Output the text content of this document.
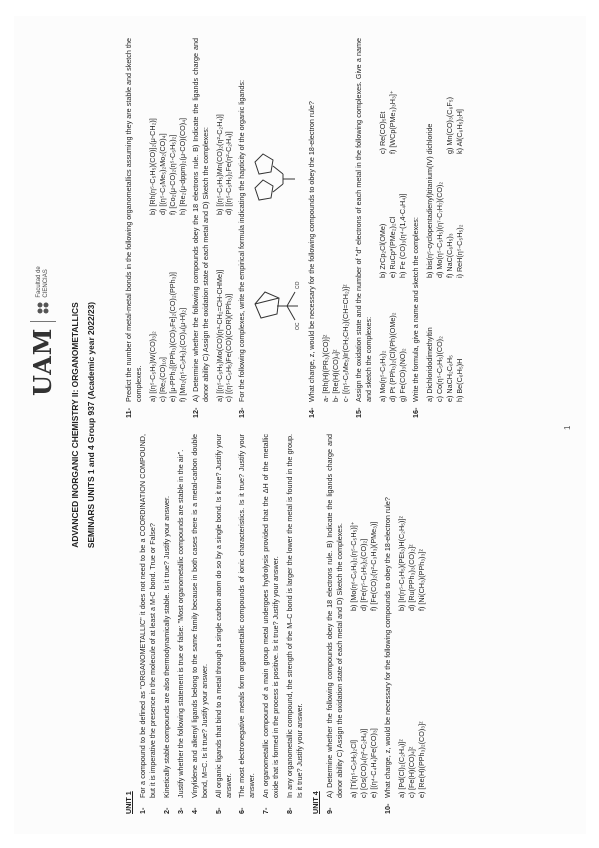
UAM
Facultad de
CIENCIAS
ADVANCED INORGANIC CHEMISTRY II: ORGANOMETALLICS SEMINARS UNITS 1 and 4 Group 937 (Academic year 2022/23)
UNIT 1 1-
For a compound to be defined as "ORGANOMETALLIC" it does not need to be a COORDINATION COMPOUND, but it is imperative the presence in the molecule of at least a M-C bond. True or False?
2-
Kinetically stable compounds are also thermodynamically stable. Is it true? Justify your answer.
3-
Justify whether the following statement is true or false: "Most organometallic compounds are stable in the air".
4-
Vinylidene and alkenyl ligands belong to the same family because in both cases there is a metal-carbon double bond, M=C. Is it true? Justify your answer.
5-
All organic ligands that bind to a metal through a single carbon atom do so by a single bond. Is it true? Justify your answer.
6-
The most electronegative metals form organometallic compounds of ionic characteristics. Is it true? Justify your answer.
7-
An organometallic compound of a main group metal undergoes hydrolysis provided that the ΔH of the metallic oxide that is formed in the process is positive. Is it true? Justify your answer.
8-
In any organometallic compound, the strength of the M–C bond is larger the lower the metal is found in the group. Is it true? Justify your answer.
UNIT 4 9-
A) Determine whether the following compounds obey the 18 electrons rule. B) Indicate the ligands charge and donor ability C) Assign the oxidation state of each metal and D) Sketch the complexes. a) [Ti(η⁵-C₅H₅)₂Cl]
b) [Mo(η⁶-C₆H₆)₂(η⁵-C₅H₅)]⁺
c) [Os(CO)₄(η²-C₂H₄)]
d) [Fe(η⁵-C₅H₅)₂(CO)₂]
e) [(η⁴-C₄H₄)Fe(CO)₃]
f) [Fe(CO)₂(η²-C₃H₃)(PMe₃)]
10-
What charge, z, would be necessary for the following compounds to obey the 18-electron rule? a) [Pd(Cl)₂(C₂H₄)]ᶻ
b) [Ir(η⁵-C₅H₅)(PEt₃)H(C₂H₅)]ᶻ
c) [Fe(H)(CO)₄]ᶻ
d) [Ru(PPh₃)₃(CO)₂]ᶻ
e) [Re(H)(PPh₃)₂(CO)₃]ᶻ
f) [Ni(CH₃)(PPh₃)₃]ᶻ
11-
Predict the number of metal-metal bonds in the following organometallics assuming they are stable and sketch the complexes. a) [(η⁵-C₅H₅)W(CO)₃]₂
b) [Rh(η⁵-C₅H₅)(CO)]₂(μ-CH₂)]
c) [Re₂(CO)₁₀]
d) [(η⁵-C₅Me₅)₂Mo₂(CO)₄]
e) [μ-PPh₂[(PPh₃)(CO)₃Fe]₂(CO)₂(PPh₃)]
f) [Co₂(μ-CO)₂(η⁵-C₅H₅)₂]
f) [Mn₂(η⁵-C₅H₅)₂(CO)₄(μ-H)₂]
h) [Re₂(μ-dppm)₂(μ-CO)(CO)₄]
12-
A) Determine whether the following compounds obey the 18 electrons rule. B) Indicate the ligands charge and donor ability C) Assign the oxidation state of each metal and D) Sketch the complexes: a) [(η⁵-C₅H₅)Mo(CO)(η³-CH₂=CH-CHMe)]
b) [(η⁵-C₅H₅)Mn(CO)₂(η²-C₂H₄)]
c) [(η⁵-C₅H₅)Fe(CO)(COR)(PPh₃)]
d) [(η⁵-C₅H₅)₂Fe(η²-C₂H₄)]
13-
For the following complexes, write the empirical formula indicating the hapticity of the organic ligands:	OC
CO
14-
What charge, z, would be necessary for the following compounds to obey the 18-electron rule? a- [Rh(H)(PR₃)(CO)]ᶻ b- [Re(H)(CO)₄]ᶻ c- [(η⁵-C₅Me₅)Ir(CH₂CH₂)(CH=CH₂)]ᶻ
15-
Assign the oxidation state and the number of "d" electrons of each metal in the following complexes. Give a name and sketch the complexes: a) Mo(η⁵-C₅H₅)₂
b) ZrCp₂Cl(OMe)
c) Re(CO)₅Et
d) Pt (PPh₃)₂(Cl)(Ph)(OMe)₂
e) RuCp*(PMe₂)₂Cl
f) [WCp(PMe₃)₃H₃]⁺
g) Fe(CO)₃(NO)₂
h) Fe (CO)₃(η⁴-(1,4-C₄H₄)]
16-
Write the formula, give a name and sketch the complexes: a) Dichloridodimethyltin
b) bis(η⁵-cyclopentadienyl)titanium(IV) dichloride
c) Co(η⁵-C₅H₅)(CO)₂
d) Mo(η⁵-C₅H₅)(η⁷-C₇H₇)(CO)₂
e) NaCH₂C₆H₅
f) NaC(C₆H₅)₃
g) Mn(CO)₃(C₆F₅)
h) Be(C₆H₅)H
i) ReH(η⁵-C₅H₅)₂
k) Al(C₆H₅)₂H]
1
